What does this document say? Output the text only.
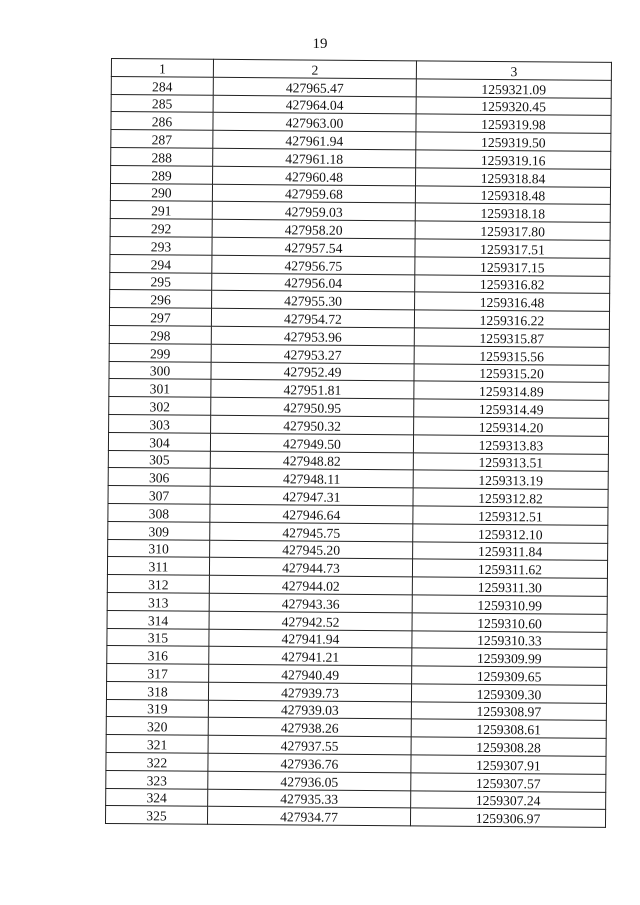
19
1	2	3
284	427965.47	1259321.09
285	427964.04	1259320.45
286	427963.00	1259319.98
287	427961.94	1259319.50
288	427961.18	1259319.16
289	427960.48	1259318.84
290	427959.68	1259318.48
291	427959.03	1259318.18
292	427958.20	1259317.80
293	427957.54	1259317.51
294	427956.75	1259317.15
295	427956.04	1259316.82
296	427955.30	1259316.48
297	427954.72	1259316.22
298	427953.96	1259315.87
299	427953.27	1259315.56
300	427952.49	1259315.20
301	427951.81	1259314.89
302	427950.95	1259314.49
303	427950.32	1259314.20
304	427949.50	1259313.83
305	427948.82	1259313.51
306	427948.11	1259313.19
307	427947.31	1259312.82
308	427946.64	1259312.51
309	427945.75	1259312.10
310	427945.20	1259311.84
311	427944.73	1259311.62
312	427944.02	1259311.30
313	427943.36	1259310.99
314	427942.52	1259310.60
315	427941.94	1259310.33
316	427941.21	1259309.99
317	427940.49	1259309.65
318	427939.73	1259309.30
319	427939.03	1259308.97
320	427938.26	1259308.61
321	427937.55	1259308.28
322	427936.76	1259307.91
323	427936.05	1259307.57
324	427935.33	1259307.24
325	427934.77	1259306.97
